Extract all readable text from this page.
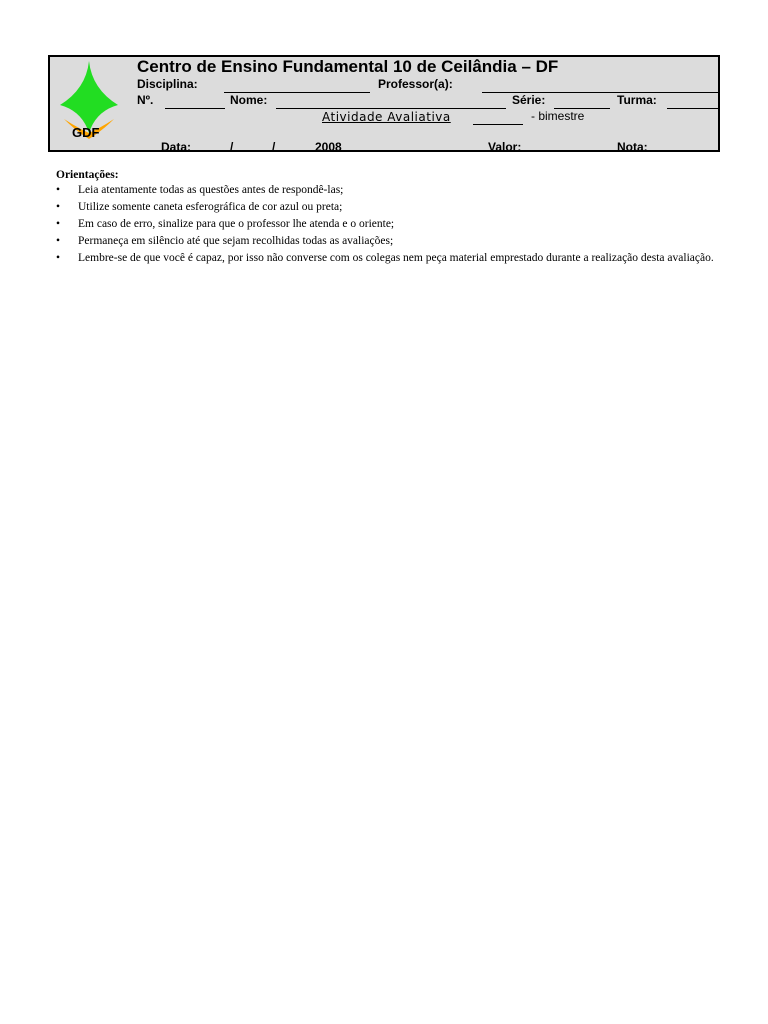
GDF
Centro de Ensino Fundamental 10 de Ceilândia – DF
Disciplina:	Professor(a):
Nº.	Nome:	Série:	Turma:
Atividade Avaliativa	- bimestre
Data:	/	/	2008	Valor:	Nota:
Orientações:
• Leia atentamente todas as questões antes de respondê-las;
• Utilize somente caneta esferográfica de cor azul ou preta;
• Em caso de erro, sinalize para que o professor lhe atenda e o oriente;
• Permaneça em silêncio até que sejam recolhidas todas as avaliações;
• Lembre-se de que você é capaz, por isso não converse com os colegas nem peça material emprestado durante a realização desta avaliação.
